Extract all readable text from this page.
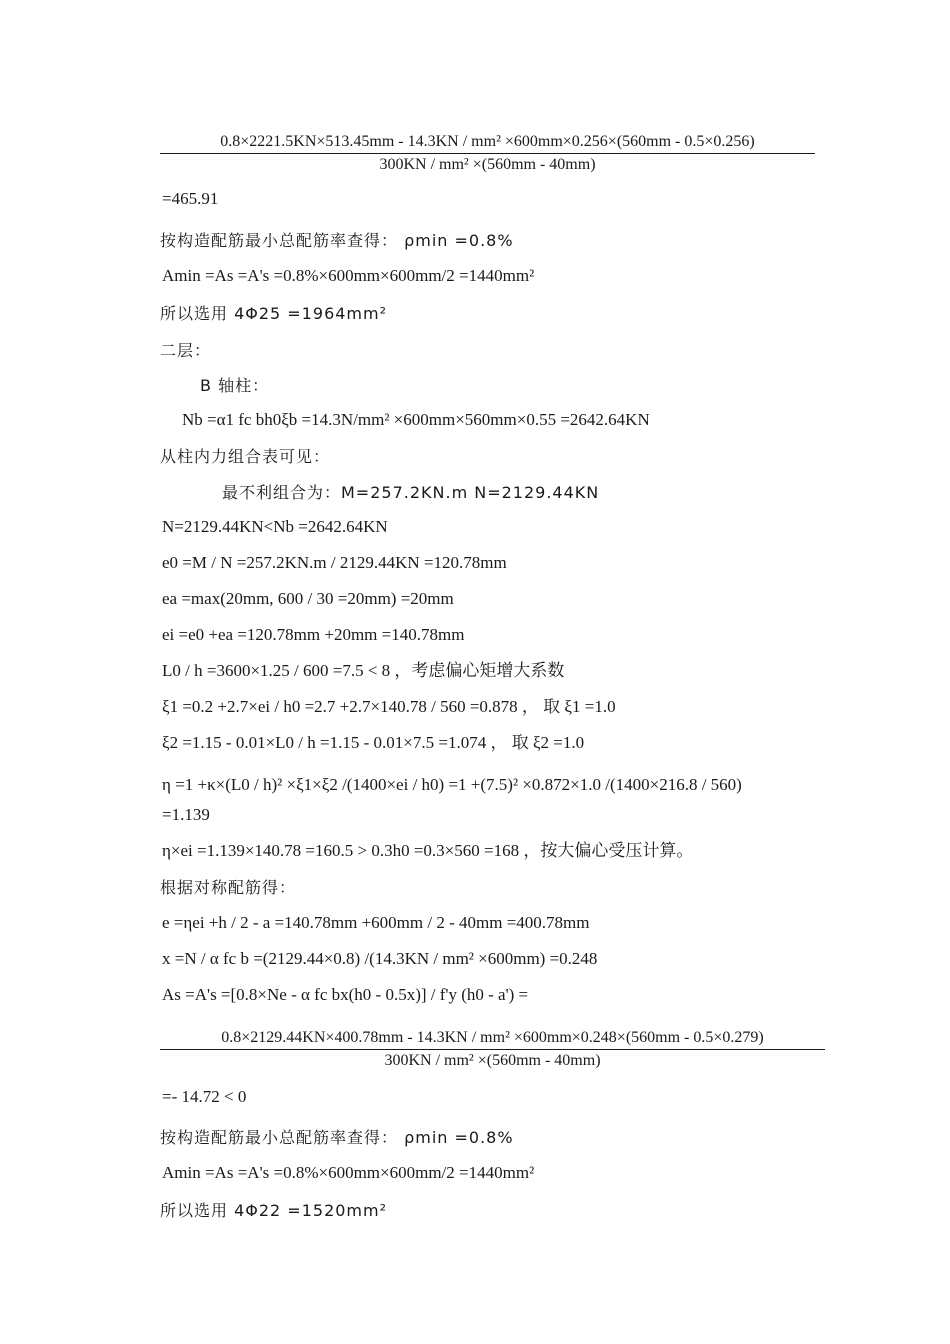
0.8×2221.5KN×513.45mm - 14.3KN / mm² ×600mm×0.256×(560mm - 0.5×0.256)
300KN / mm² ×(560mm - 40mm)
=465.91
按构造配筋最小总配筋率查得： ρmin =0.8%
Amin =As =A's =0.8%×600mm×600mm/2 =1440mm²
所以选用 4Φ25 =1964mm²
二层：
B 轴柱：
Nb =α1 fc bh0ξb =14.3N/mm² ×600mm×560mm×0.55 =2642.64KN
从柱内力组合表可见：
最不利组合为：M=257.2KN.m N=2129.44KN
N=2129.44KN<Nb =2642.64KN
e0 =M / N =257.2KN.m / 2129.44KN =120.78mm
ea =max(20mm, 600 / 30 =20mm) =20mm
ei =e0 +ea =120.78mm +20mm =140.78mm
L0 / h =3600×1.25 / 600 =7.5 < 8 ，考虑偏心矩增大系数
ξ1 =0.2 +2.7×ei / h0 =2.7 +2.7×140.78 / 560 =0.878 ， 取 ξ1 =1.0
ξ2 =1.15 - 0.01×L0 / h =1.15 - 0.01×7.5 =1.074 ， 取 ξ2 =1.0
η =1 +κ×(L0 / h)² ×ξ1×ξ2 /(1400×ei / h0) =1 +(7.5)² ×0.872×1.0 /(1400×216.8 / 560)
=1.139
η×ei =1.139×140.78 =160.5 > 0.3h0 =0.3×560 =168 ，按大偏心受压计算。
根据对称配筋得：
e =ηei +h / 2 - a =140.78mm +600mm / 2 - 40mm =400.78mm
x =N / α fc b =(2129.44×0.8) /(14.3KN / mm² ×600mm) =0.248
As =A's =[0.8×Ne - α fc bx(h0 - 0.5x)] / f'y (h0 - a') =
0.8×2129.44KN×400.78mm - 14.3KN / mm² ×600mm×0.248×(560mm - 0.5×0.279)
300KN / mm² ×(560mm - 40mm)
=- 14.72 < 0
按构造配筋最小总配筋率查得： ρmin =0.8%
Amin =As =A's =0.8%×600mm×600mm/2 =1440mm²
所以选用 4Φ22 =1520mm²
